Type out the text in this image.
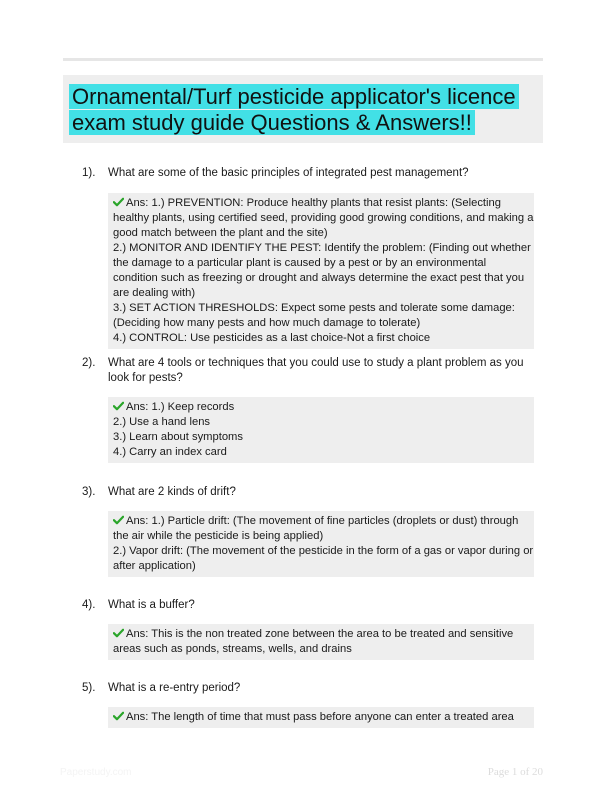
Ornamental/Turf pesticide applicator's licence exam study guide Questions & Answers!!
1). What are some of the basic principles of integrated pest management?

Ans: 1.) PREVENTION: Produce healthy plants that resist plants: (Selecting healthy plants, using certified seed, providing good growing conditions, and making a good match between the plant and the site)

2.) MONITOR AND IDENTIFY THE PEST: Identify the problem: (Finding out whether the damage to a particular plant is caused by a pest or by an environmental condition such as freezing or drought and always determine the exact pest that you are dealing with)

3.) SET ACTION THRESHOLDS: Expect some pests and tolerate some damage: (Deciding how many pests and how much damage to tolerate)

4.) CONTROL: Use pesticides as a last choice-Not a first choice

2). What are 4 tools or techniques that you could use to study a plant problem as you look for pests?

Ans: 1.) Keep records

2.) Use a hand lens

3.) Learn about symptoms

4.) Carry an index card

3). What are 2 kinds of drift?

Ans: 1.) Particle drift: (The movement of fine particles (droplets or dust) through the air while the pesticide is being applied)

2.) Vapor drift: (The movement of the pesticide in the form of a gas or vapor during or after application)

4). What is a buffer?

Ans: This is the non treated zone between the area to be treated and sensitive areas such as ponds, streams, wells, and drains

5). What is a re-entry period?

Ans: The length of time that must pass before anyone can enter a treated area

Paperstudy.com	Page 1 of 20
